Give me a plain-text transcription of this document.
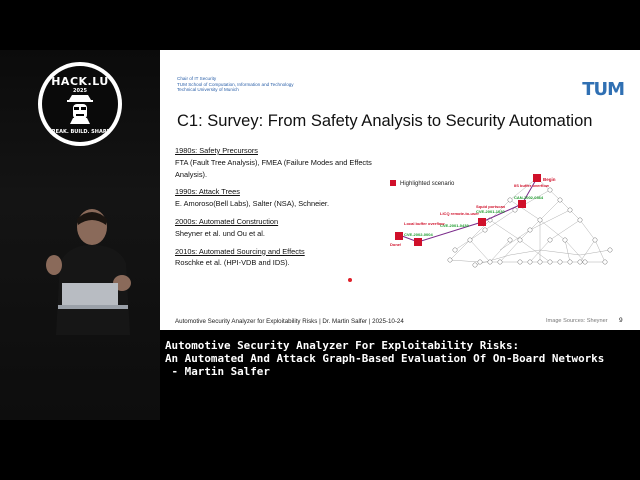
HACK.LU
2025
BREAK. BUILD. SHARE.
Chair of IT Security
TUM School of Computation, Information and Technology
Technical University of Munich	TUM
C1: Survey: From Safety Analysis to Security Automation
1980s: Safety Precursors
FTA (Fault Tree Analysis), FMEA (Failure Modes and Effects Analysis).
1990s: Attack Trees
E. Amoroso(Bell Labs), Salter (NSA), Schneier.
2000s: Automated Construction
Sheyner et al. und Ou et al.
2010s: Automated Sourcing and Effects
Roschke et al. (HPI-VDB and IDS).
Highlighted scenario
Begin
IIS buffer overflow
CAN-2002-0364
Squid portscan
CVE-2001-1030
LICQ remote-to-user
CVE-2001-0439
Local buffer overflow
CVE-2002-0004
Done!
Automotive Security Analyzer for Exploitability Risks | Dr. Martin Salfer | 2025-10-24	Image Sources: Sheyner 9
Automotive Security Analyzer For Exploitability Risks:
An Automated And Attack Graph-Based Evaluation Of On-Board Networks
- Martin Salfer
